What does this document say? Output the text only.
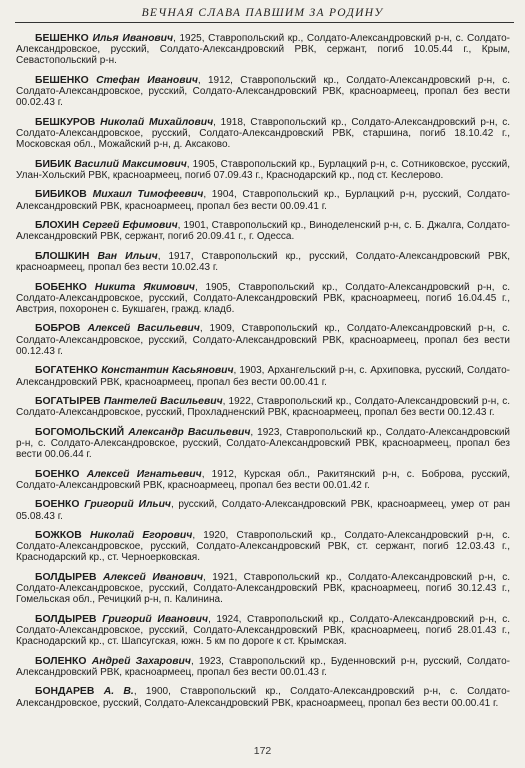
ВЕЧНАЯ СЛАВА ПАВШИМ ЗА РОДИНУ

БЕШЕНКО Илья Иванович, 1925, Ставропольский кр., Солдато-Александровский р-н, с. Солдато-Александровское, русский, Солдато-Александровский РВК, сержант, погиб 10.05.44 г., Крым, Севастопольский р-н.

БЕШЕНКО Стефан Иванович, 1912, Ставропольский кр., Солдато-Александровский р-н, с. Солдато-Александровское, русский, Солдато-Александровский РВК, красноармеец, пропал без вести 00.02.43 г.

БЕШКУРОВ Николай Михайлович, 1918, Ставропольский кр., Солдато-Александровский р-н, с. Солдато-Александровское, русский, Солдато-Александровский РВК, старшина, погиб 18.10.42 г., Московская обл., Можайский р-н, д. Аксаково.

БИБИК Василий Максимович, 1905, Ставропольский кр., Бурлацкий р-н, с. Сотниковское, русский, Улан-Хольский РВК, красноармеец, погиб 07.09.43 г., Краснодарский кр., под ст. Кеслерово.

БИБИКОВ Михаил Тимофеевич, 1904, Ставропольский кр., Бурлацкий р-н, русский, Солдато-Александровский РВК, красноармеец, пропал без вести 00.09.41 г.

БЛОХИН Сергей Ефимович, 1901, Ставропольский кр., Виноделенский р-н, с. Б. Джалга, Солдато-Александровский РВК, сержант, погиб 20.09.41 г., г. Одесса.

БЛОШКИН Ван Ильич, 1917, Ставропольский кр., русский, Солдато-Александровский РВК, красноармеец, пропал без вести 10.02.43 г.

БОБЕНКО Никита Якимович, 1905, Ставропольский кр., Солдато-Александровский р-н, с. Солдато-Александровское, русский, Солдато-Александровский РВК, красноармеец, погиб 16.04.45 г., Австрия, похоронен с. Букшаген, гражд. кладб.

БОБРОВ Алексей Васильевич, 1909, Ставропольский кр., Солдато-Александровский р-н, с. Солдато-Александровское, русский, Солдато-Александровский РВК, красноармеец, пропал без вести 00.12.43 г.

БОГАТЕНКО Константин Касьянович, 1903, Архангельский р-н, с. Архиповка, русский, Солдато-Александровский РВК, красноармеец, пропал без вести 00.00.41 г.

БОГАТЫРЕВ Пантелей Васильевич, 1922, Ставропольский кр., Солдато-Александровский р-н, с. Солдато-Александровское, русский, Прохладненский РВК, красноармеец, пропал без вести 00.12.43 г.

БОГОМОЛЬСКИЙ Александр Васильевич, 1923, Ставропольский кр., Солдато-Александровский р-н, с. Солдато-Александровское, русский, Солдато-Александровский РВК, красноармеец, пропал без вести 00.06.44 г.

БОЕНКО Алексей Игнатьевич, 1912, Курская обл., Ракитянский р-н, с. Боброва, русский, Солдато-Александровский РВК, красноармеец, пропал без вести 00.01.42 г.

БОЕНКО Григорий Ильич, русский, Солдато-Александровский РВК, красноармеец, умер от ран 05.08.43 г.

БОЖКОВ Николай Егорович, 1920, Ставропольский кр., Солдато-Александровский р-н, с. Солдато-Александровское, русский, Солдато-Александровский РВК, ст. сержант, погиб 12.03.43 г., Краснодарский кр., ст. Черноерковская.

БОЛДЫРЕВ Алексей Иванович, 1921, Ставропольский кр., Солдато-Александровский р-н, с. Солдато-Александровское, русский, Солдато-Александровский РВК, красноармеец, погиб 30.12.43 г., Гомельская обл., Речицкий р-н, п. Калинина.

БОЛДЫРЕВ Григорий Иванович, 1924, Ставропольский кр., Солдато-Александровский р-н, с. Солдато-Александровское, русский, Солдато-Александровский РВК, красноармеец, погиб 28.01.43 г., Краснодарский кр., ст. Шапсугская, южн. 5 км по дороге к ст. Крымская.

БОЛЕНКО Андрей Захарович, 1923, Ставропольский кр., Буденновский р-н, русский, Солдато-Александровский РВК, красноармеец, пропал без вести 00.01.43 г.

БОНДАРЕВ А. В., 1900, Ставропольский кр., Солдато-Александровский р-н, с. Солдато-Александровское, русский, Солдато-Александровский РВК, красноармеец, пропал без вести 00.00.41 г.

172
